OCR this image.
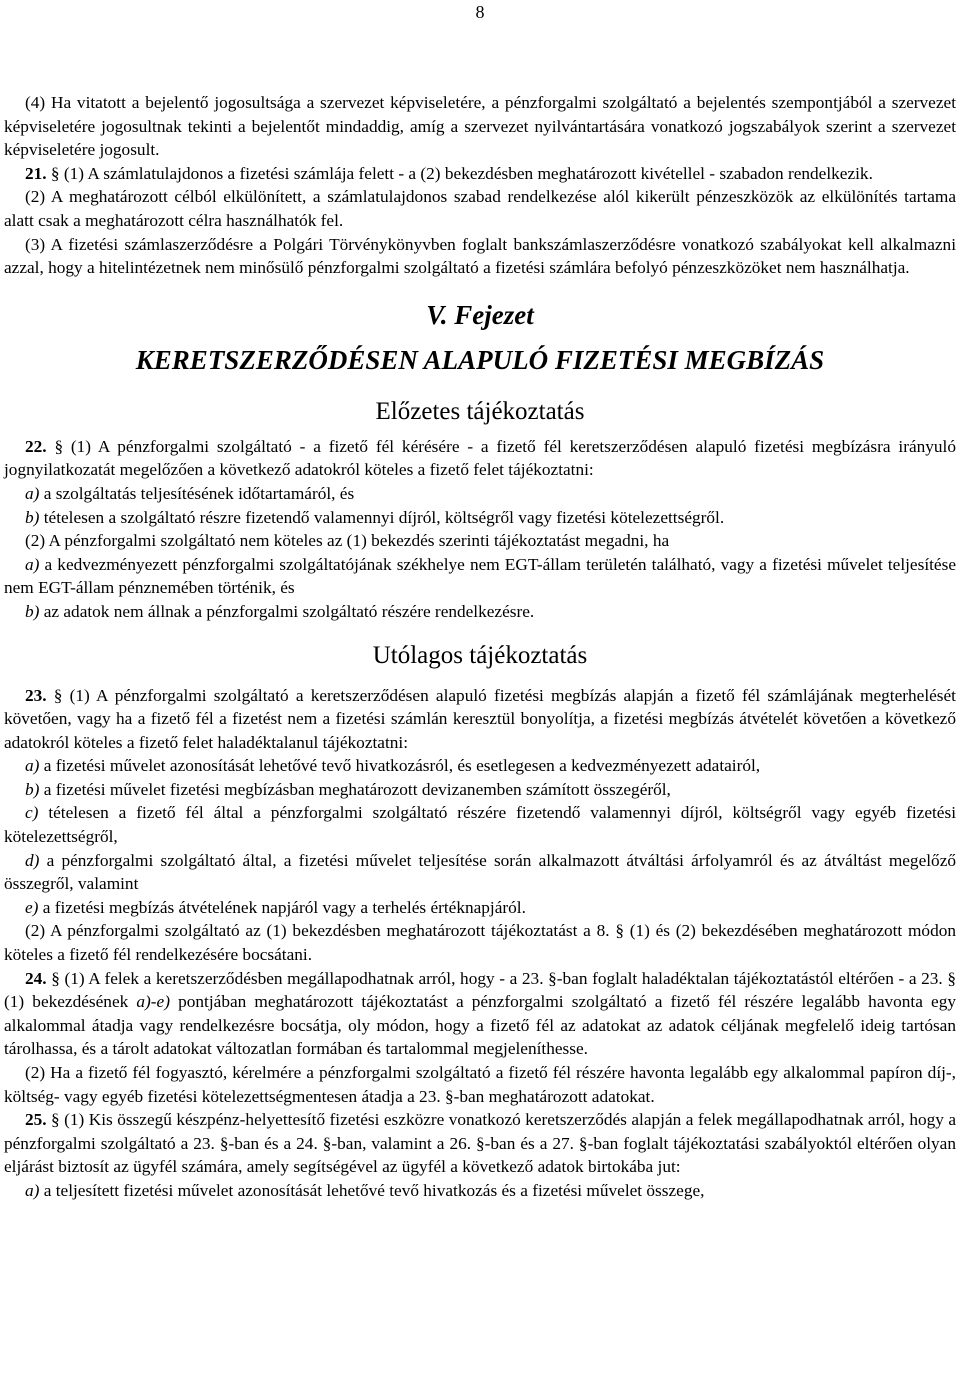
8

(4) Ha vitatott a bejelentő jogosultsága a szervezet képviseletére, a pénzforgalmi szolgáltató a bejelentés szempontjából a szervezet képviseletére jogosultnak tekinti a bejelentőt mindaddig, amíg a szervezet nyilvántartására vonatkozó jogszabályok szerint a szervezet képviseletére jogosult.

21. § (1) A számlatulajdonos a fizetési számlája felett - a (2) bekezdésben meghatározott kivétellel - szabadon rendelkezik.

(2) A meghatározott célból elkülönített, a számlatulajdonos szabad rendelkezése alól kikerült pénzeszközök az elkülönítés tartama alatt csak a meghatározott célra használhatók fel.

(3) A fizetési számlaszerződésre a Polgári Törvénykönyvben foglalt bankszámlaszerződésre vonatkozó szabályokat kell alkalmazni azzal, hogy a hitelintézetnek nem minősülő pénzforgalmi szolgáltató a fizetési számlára befolyó pénzeszközöket nem használhatja.

V. Fejezet

KERETSZERZŐDÉSEN ALAPULÓ FIZETÉSI MEGBÍZÁS

Előzetes tájékoztatás

22. § (1) A pénzforgalmi szolgáltató - a fizető fél kérésére - a fizető fél keretszerződésen alapuló fizetési megbízásra irányuló jognyilatkozatát megelőzően a következő adatokról köteles a fizető felet tájékoztatni:

a) a szolgáltatás teljesítésének időtartamáról, és

b) tételesen a szolgáltató részre fizetendő valamennyi díjról, költségről vagy fizetési kötelezettségről.

(2) A pénzforgalmi szolgáltató nem köteles az (1) bekezdés szerinti tájékoztatást megadni, ha

a) a kedvezményezett pénzforgalmi szolgáltatójának székhelye nem EGT-állam területén található, vagy a fizetési művelet teljesítése nem EGT-állam pénznemében történik, és

b) az adatok nem állnak a pénzforgalmi szolgáltató részére rendelkezésre.

Utólagos tájékoztatás

23. § (1) A pénzforgalmi szolgáltató a keretszerződésen alapuló fizetési megbízás alapján a fizető fél számlájának megterhelését követően, vagy ha a fizető fél a fizetést nem a fizetési számlán keresztül bonyolítja, a fizetési megbízás átvételét követően a következő adatokról köteles a fizető felet haladéktalanul tájékoztatni:

a) a fizetési művelet azonosítását lehetővé tevő hivatkozásról, és esetlegesen a kedvezményezett adatairól,

b) a fizetési művelet fizetési megbízásban meghatározott devizanemben számított összegéről,

c) tételesen a fizető fél által a pénzforgalmi szolgáltató részére fizetendő valamennyi díjról, költségről vagy egyéb fizetési kötelezettségről,

d) a pénzforgalmi szolgáltató által, a fizetési művelet teljesítése során alkalmazott átváltási árfolyamról és az átváltást megelőző összegről, valamint

e) a fizetési megbízás átvételének napjáról vagy a terhelés értéknapjáról.

(2) A pénzforgalmi szolgáltató az (1) bekezdésben meghatározott tájékoztatást a 8. § (1) és (2) bekezdésében meghatározott módon köteles a fizető fél rendelkezésére bocsátani.

24. § (1) A felek a keretszerződésben megállapodhatnak arról, hogy - a 23. §-ban foglalt haladéktalan tájékoztatástól eltérően - a 23. § (1) bekezdésének a)-e) pontjában meghatározott tájékoztatást a pénzforgalmi szolgáltató a fizető fél részére legalább havonta egy alkalommal átadja vagy rendelkezésre bocsátja, oly módon, hogy a fizető fél az adatokat az adatok céljának megfelelő ideig tartósan tárolhassa, és a tárolt adatokat változatlan formában és tartalommal megjeleníthesse.

(2) Ha a fizető fél fogyasztó, kérelmére a pénzforgalmi szolgáltató a fizető fél részére havonta legalább egy alkalommal papíron díj-, költség- vagy egyéb fizetési kötelezettségmentesen átadja a 23. §-ban meghatározott adatokat.

25. § (1) Kis összegű készpénz-helyettesítő fizetési eszközre vonatkozó keretszerződés alapján a felek megállapodhatnak arról, hogy a pénzforgalmi szolgáltató a 23. §-ban és a 24. §-ban, valamint a 26. §-ban és a 27. §-ban foglalt tájékoztatási szabályoktól eltérően olyan eljárást biztosít az ügyfél számára, amely segítségével az ügyfél a következő adatok birtokába jut:

a) a teljesített fizetési művelet azonosítását lehetővé tevő hivatkozás és a fizetési művelet összege,
